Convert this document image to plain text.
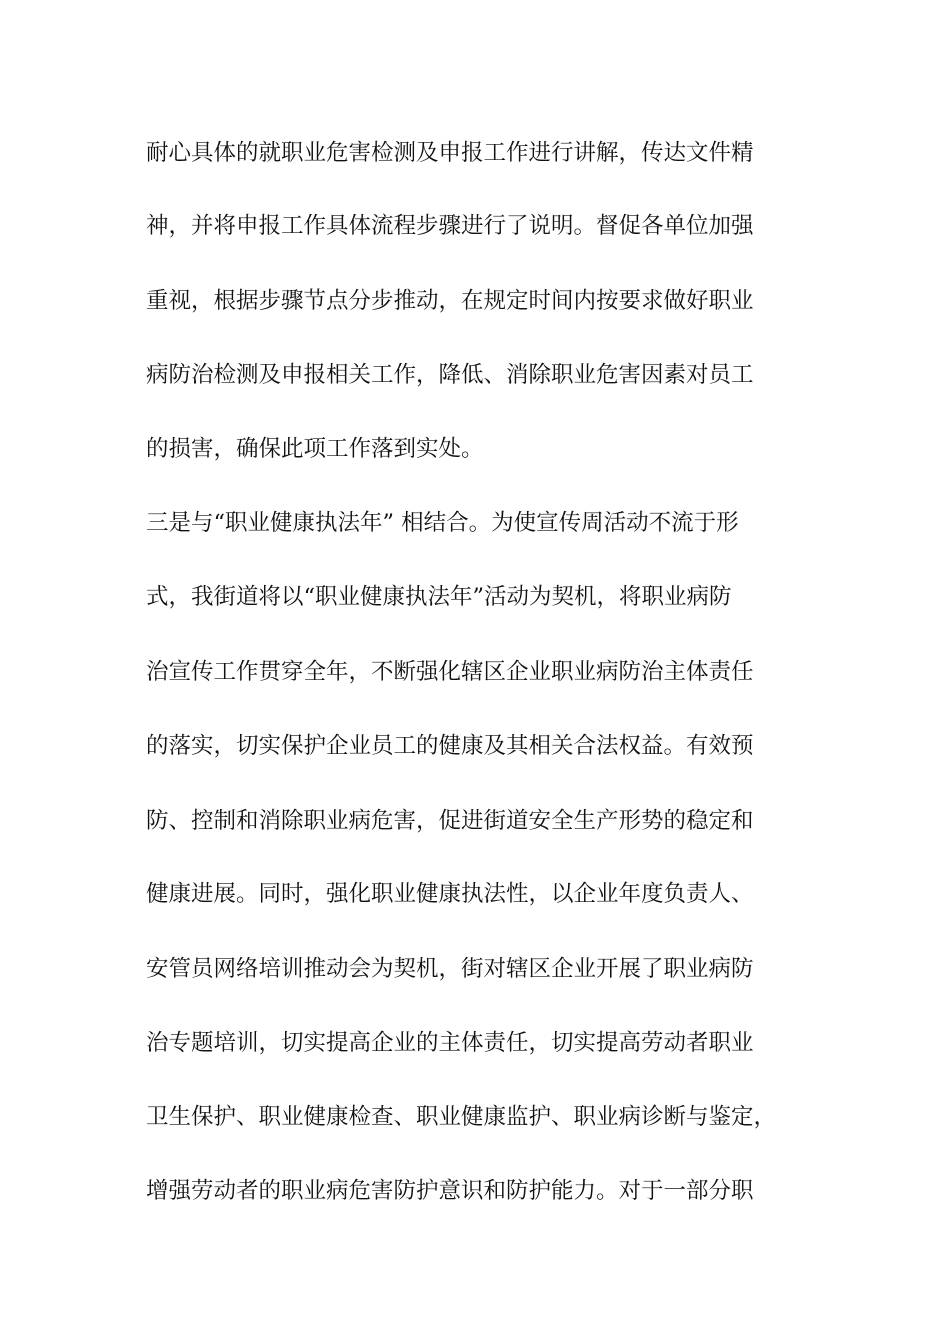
耐心具体的就职业危害检测及申报工作进行讲解，传达文件精
神，并将申报工作具体流程步骤进行了说明。督促各单位加强
重视，根据步骤节点分步推动，在规定时间内按要求做好职业
病防治检测及申报相关工作，降低、消除职业危害因素对员工
的损害，确保此项工作落到实处。
三是与“职业健康执法年” 相结合。为使宣传周活动不流于形
式，我街道将以“职业健康执法年”活动为契机，将职业病防
治宣传工作贯穿全年，不断强化辖区企业职业病防治主体责任
的落实，切实保护企业员工的健康及其相关合法权益。有效预
防、控制和消除职业病危害，促进街道安全生产形势的稳定和
健康进展。同时，强化职业健康执法性，以企业年度负责人、
安管员网络培训推动会为契机，街对辖区企业开展了职业病防
治专题培训，切实提高企业的主体责任，切实提高劳动者职业
卫生保护、职业健康检查、职业健康监护、职业病诊断与鉴定，
增强劳动者的职业病危害防护意识和防护能力。对于一部分职
